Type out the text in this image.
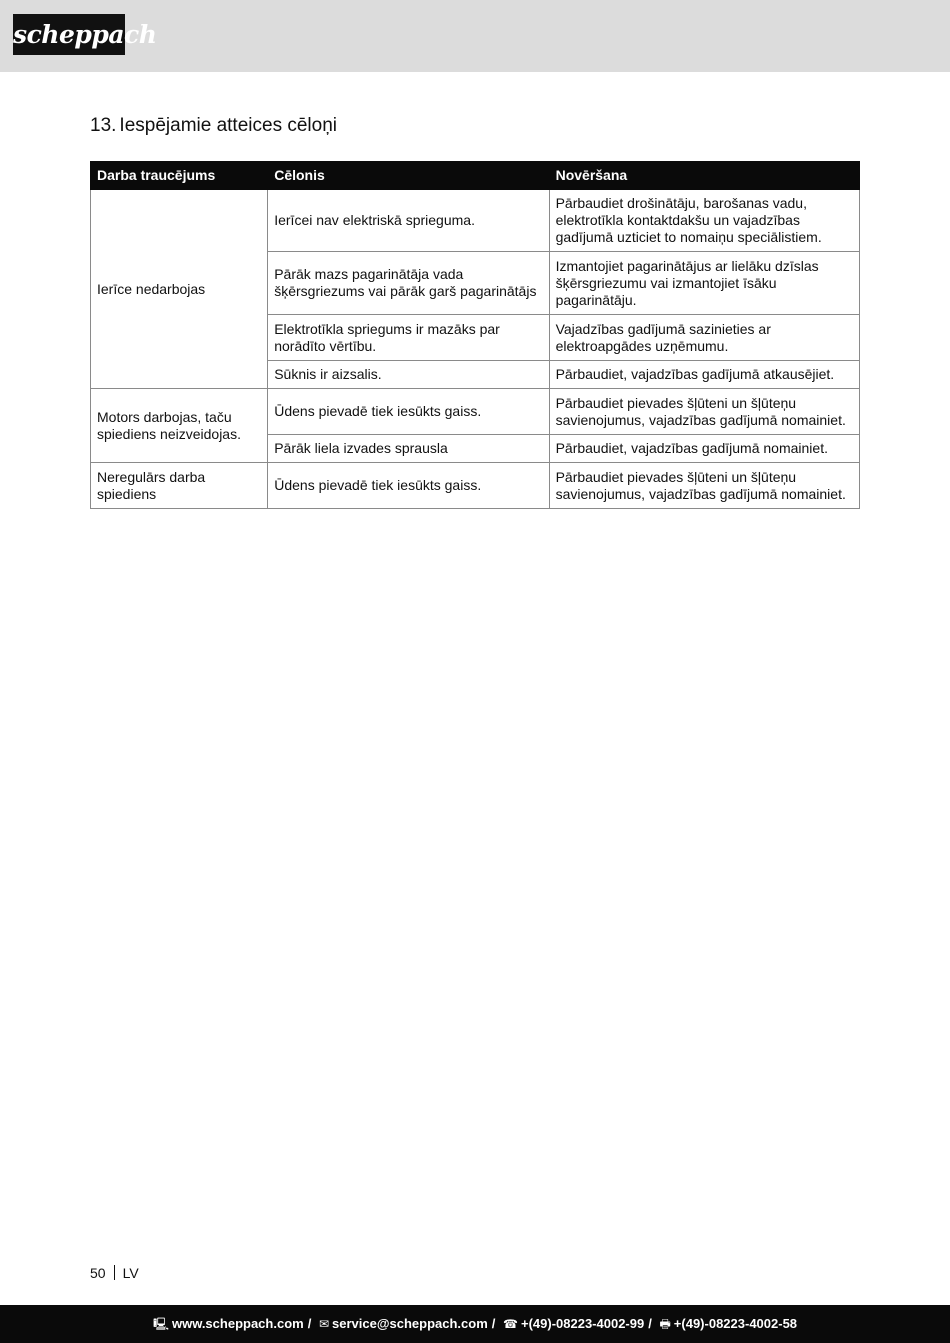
scheppach
13. Iespējamie atteices cēloņi
Darba traucējums	Cēlonis	Novēršana
Ierīce nedarbojas	Ierīcei nav elektriskā sprieguma.	Pārbaudiet drošinātāju, barošanas vadu, elektrotīkla kontaktdakšu un vajadzības gadījumā uzticiet to nomaiņu speciālistiem.
	Pārāk mazs pagarinātāja vada šķērsgriezums vai pārāk garš pagarinātājs	Izmantojiet pagarinātājus ar lielāku dzīslas šķērsgriezumu vai izmantojiet īsāku pagarinātāju.
	Elektrotīkla spriegums ir mazāks par norādīto vērtību.	Vajadzības gadījumā sazinieties ar elektroapgādes uzņēmumu.
	Sūknis ir aizsalis.	Pārbaudiet, vajadzības gadījumā atkausējiet.
Motors darbojas, taču spiediens neizveidojas.	Ūdens pievadē tiek iesūkts gaiss.	Pārbaudiet pievades šļūteni un šļūteņu savienojumus, vajadzības gadījumā nomainiet.
	Pārāk liela izvades sprausla	Pārbaudiet, vajadzības gadījumā nomainiet.
Neregulārs darba spiediens	Ūdens pievadē tiek iesūkts gaiss.	Pārbaudiet pievades šļūteni un šļūteņu savienojumus, vajadzības gadījumā nomainiet.
50 LV
🖳 www.scheppach.com / ✉ service@scheppach.com / ☎ +(49)-08223-4002-99 / 🖶 +(49)-08223-4002-58
